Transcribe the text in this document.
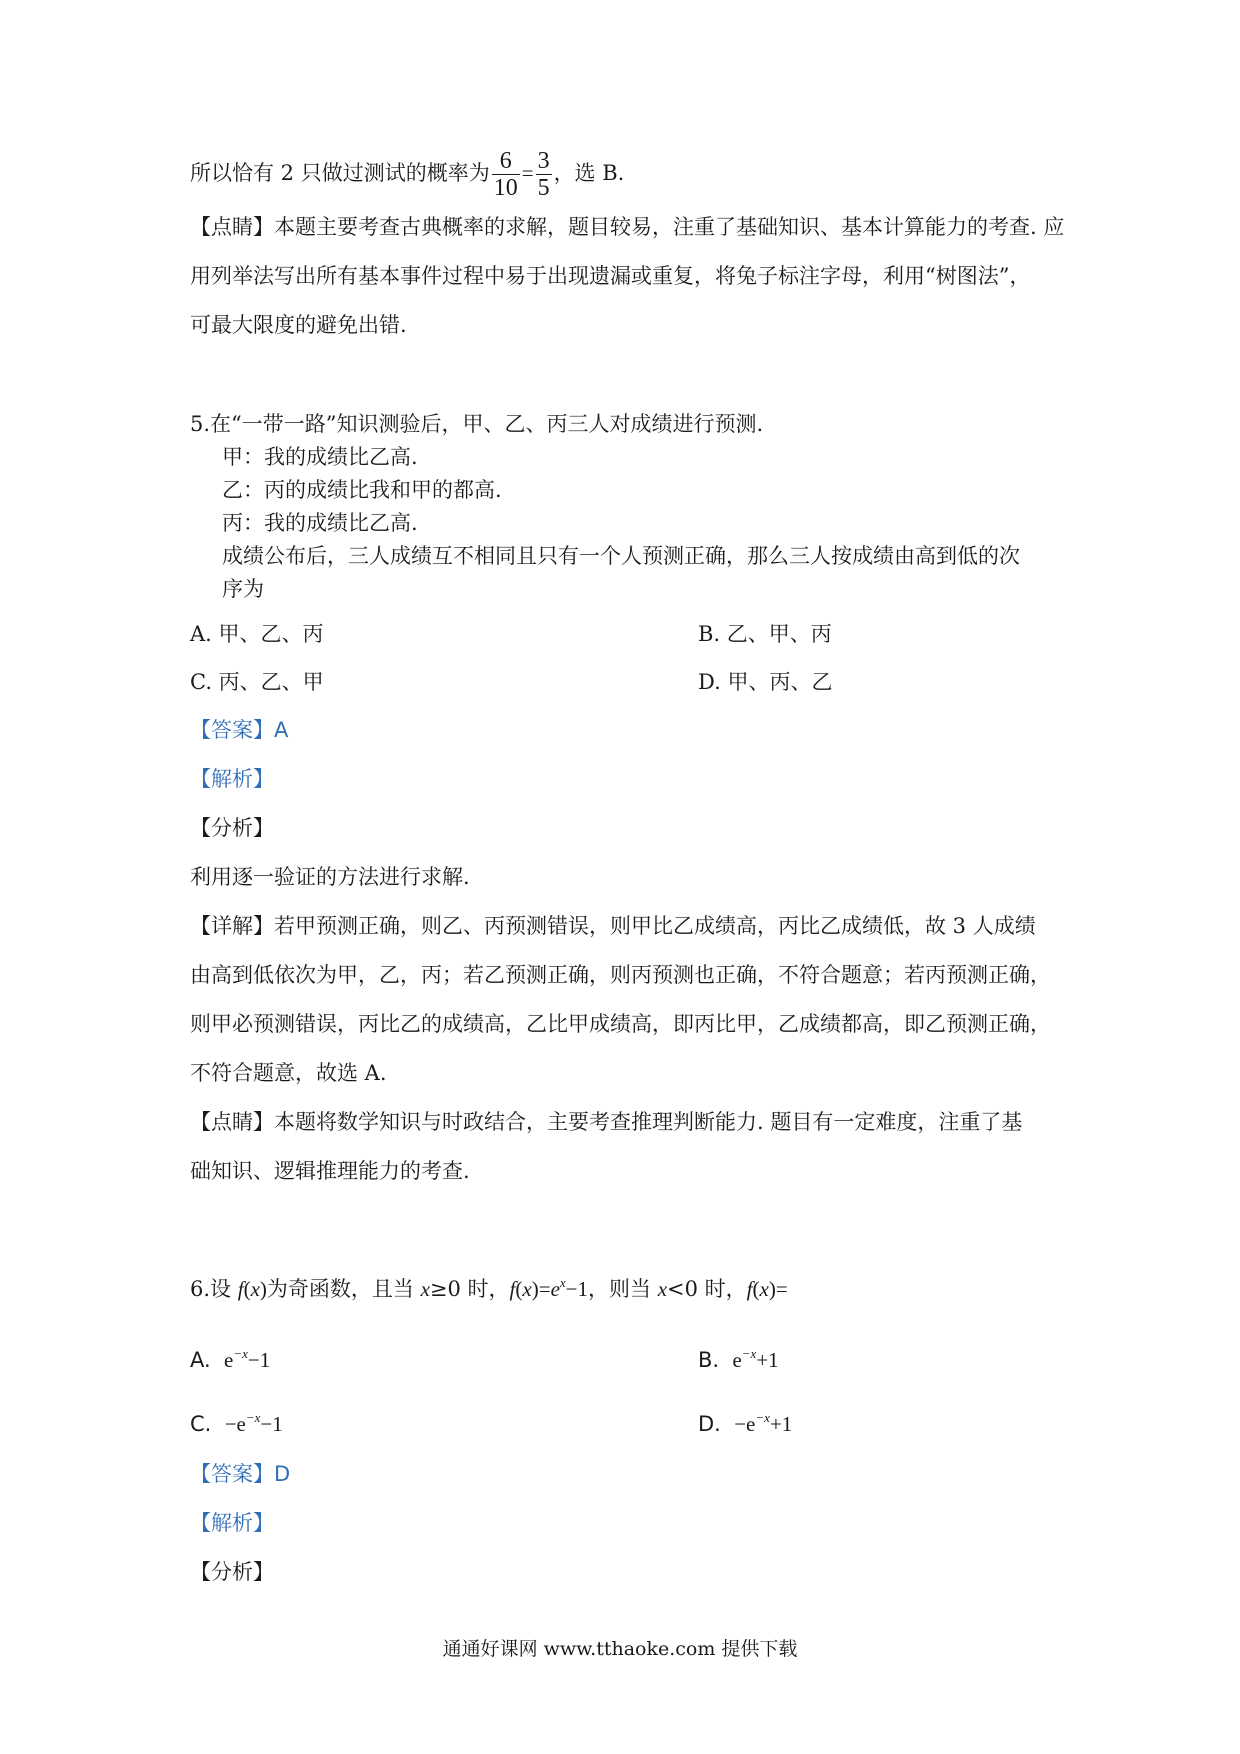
所以恰有 2 只做过测试的概率为 $\frac{6}{10} = \frac{3}{5}$ ，选 B.
【点睛】本题主要考查古典概率的求解，题目较易，注重了基础知识、基本计算能力的考查. 应
用列举法写出所有基本事件过程中易于出现遗漏或重复，将兔子标注字母，利用“树图法”，
可最大限度的避免出错.
5.在“一带一路”知识测验后，甲、乙、丙三人对成绩进行预测.
甲：我的成绩比乙高.
乙：丙的成绩比我和甲的都高.
丙：我的成绩比乙高.
成绩公布后，三人成绩互不相同且只有一个人预测正确，那么三人按成绩由高到低的次
序为
A. 甲、乙、丙	B. 乙、甲、丙
C. 丙、乙、甲	D. 甲、丙、乙
【答案】A
【解析】
【分析】
利用逐一验证的方法进行求解.
【详解】若甲预测正确，则乙、丙预测错误，则甲比乙成绩高，丙比乙成绩低，故 3 人成绩
由高到低依次为甲，乙，丙；若乙预测正确，则丙预测也正确，不符合题意；若丙预测正确，
则甲必预测错误，丙比乙的成绩高，乙比甲成绩高，即丙比甲，乙成绩都高，即乙预测正确，
不符合题意，故选 A.
【点睛】本题将数学知识与时政结合，主要考查推理判断能力. 题目有一定难度，注重了基
础知识、逻辑推理能力的考查.
6.设 f(x)为奇函数，且当 x≥0 时，$f(x)=e^x-1$，则当 x<0 时，f(x)=
A. $e^{-x}-1$	B. $e^{-x}+1$
C. $-e^{-x}-1$	D. $-e^{-x}+1$
【答案】D
【解析】
【分析】
通通好课网 www.tthaoke.com 提供下载
